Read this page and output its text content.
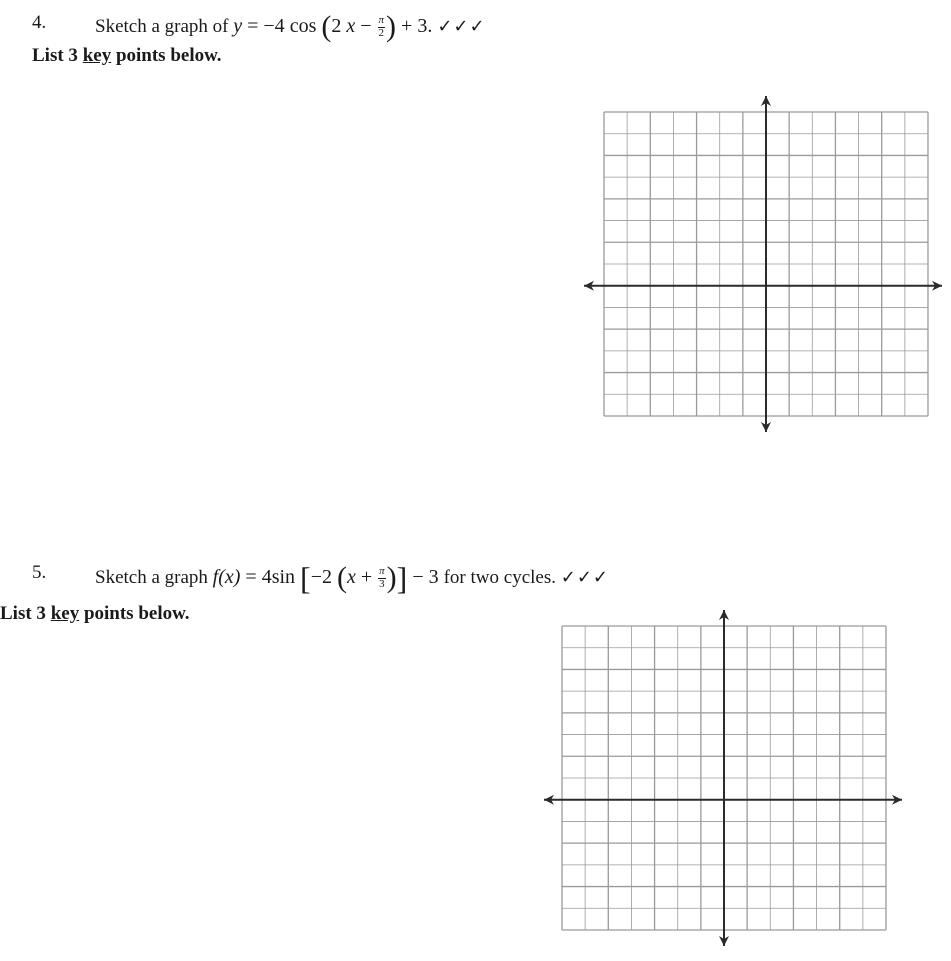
4.	Sketch a graph of y = −4 cos (2 $x - \frac{\pi}{2}$ ) + 3. ✓✓✓
List 3 key points below.
5.	Sketch a graph f(x) = 4sin [−2 ($x + \frac{\pi}{3}$ )] − 3 for two cycles. ✓✓✓
List 3 key points below.
